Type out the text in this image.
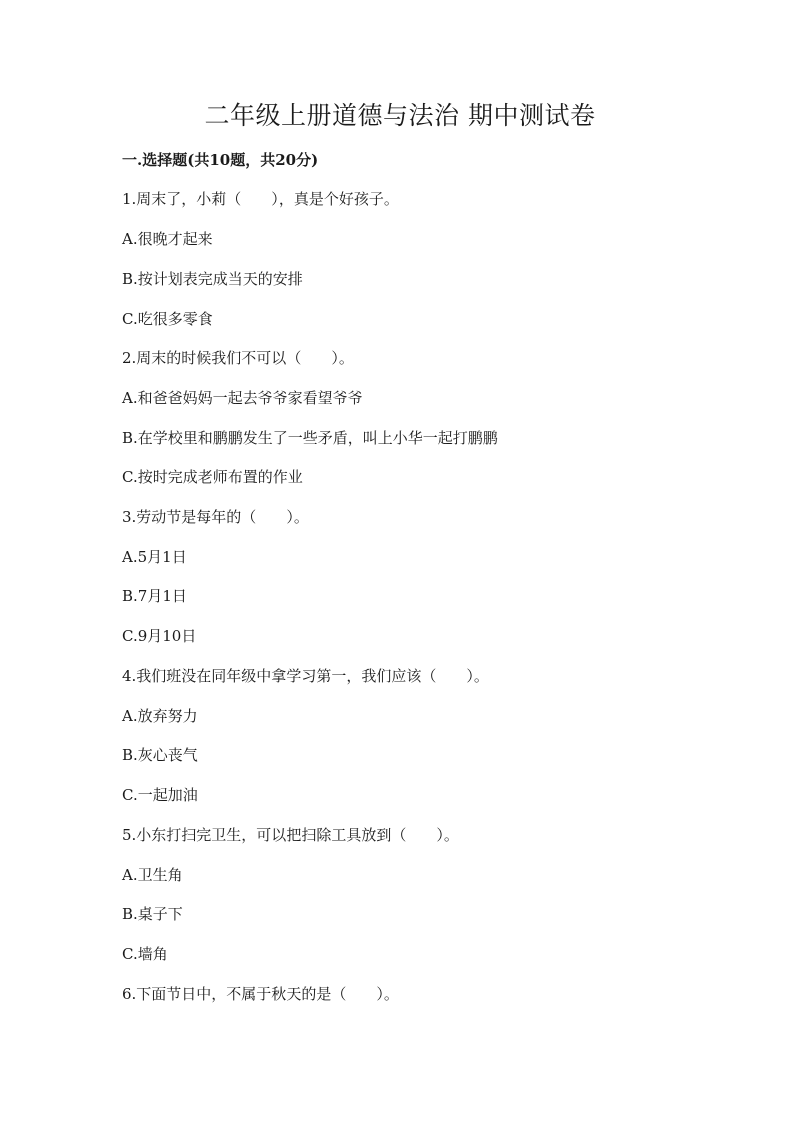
二年级上册道德与法治 期中测试卷
一.选择题(共10题，共20分)

1.周末了，小莉（　　），真是个好孩子。

A.很晚才起来

B.按计划表完成当天的安排

C.吃很多零食

2.周末的时候我们不可以（　　）。

A.和爸爸妈妈一起去爷爷家看望爷爷

B.在学校里和鹏鹏发生了一些矛盾，叫上小华一起打鹏鹏

C.按时完成老师布置的作业

3.劳动节是每年的（　　）。

A.5月1日

B.7月1日

C.9月10日

4.我们班没在同年级中拿学习第一，我们应该（　　）。

A.放弃努力

B.灰心丧气

C.一起加油

5.小东打扫完卫生，可以把扫除工具放到（　　）。

A.卫生角

B.桌子下

C.墙角

6.下面节日中，不属于秋天的是（　　）。
